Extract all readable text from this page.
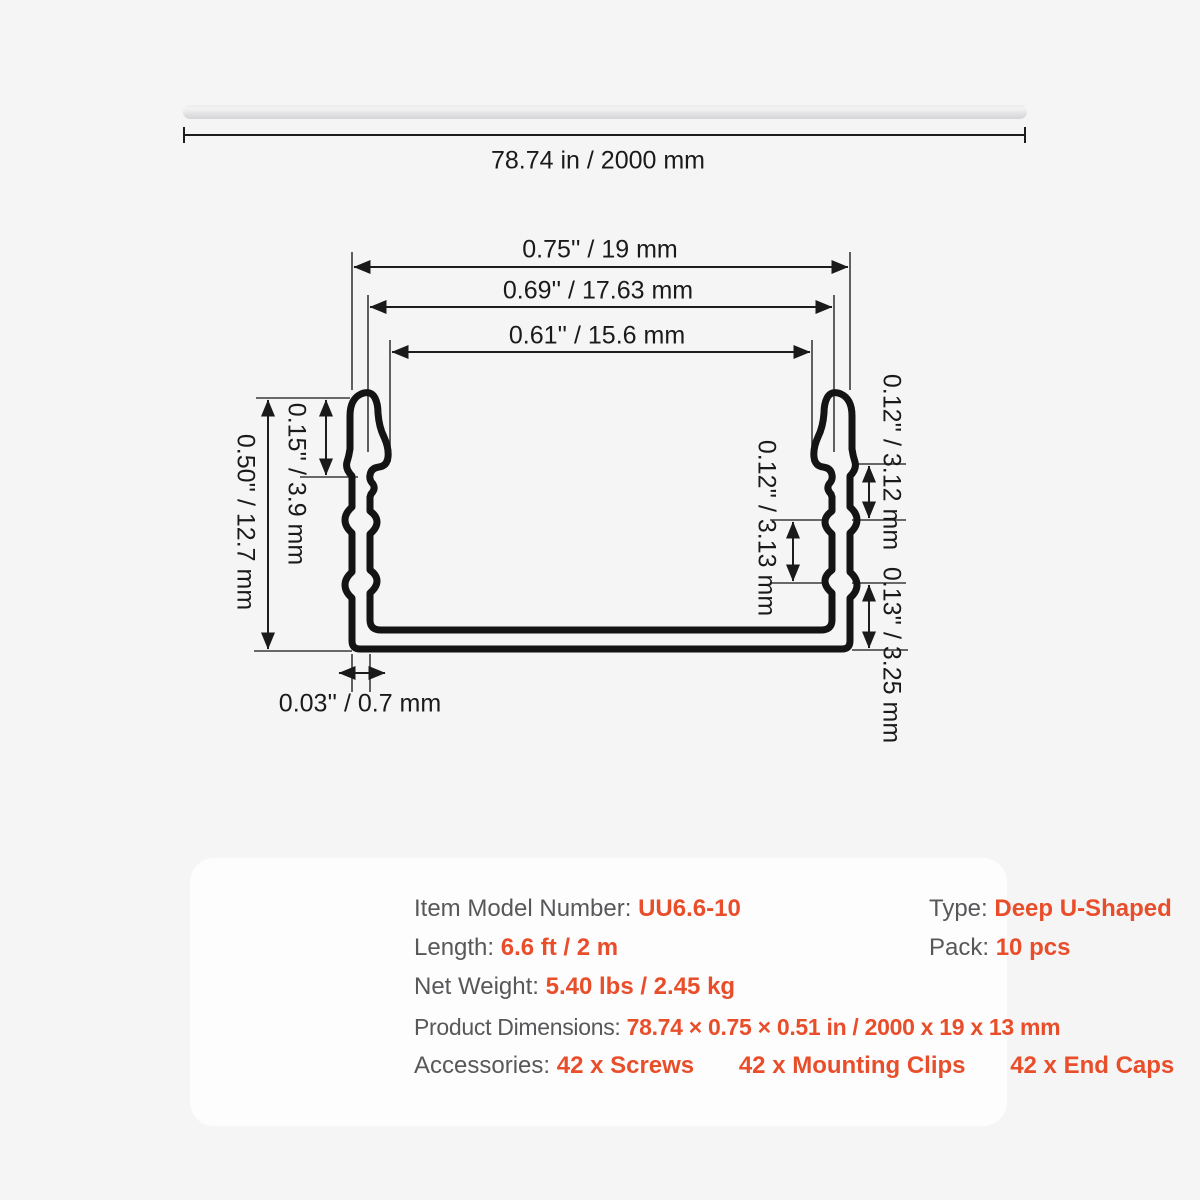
78.74 in / 2000 mm
0.75'' / 19 mm
0.69'' / 17.63 mm
0.61'' / 15.6 mm
0.15'' / 3.9 mm
0.50'' / 12.7 mm	0.12'' / 3.12 mm
0.12'' / 3.13 mm
0.13'' / 3.25 mm
0.03'' / 0.7 mm
Item Model Number: UU6.6-10
Length: 6.6 ft / 2 m
Net Weight: 5.40 lbs / 2.45 kg
Product Dimensions: 78.74 × 0.75 × 0.51 in / 2000 x 19 x 13 mm
Accessories: 42 x Screws 42 x Mounting Clips 42 x End Caps
Type: Deep U-Shaped
Pack: 10 pcs
